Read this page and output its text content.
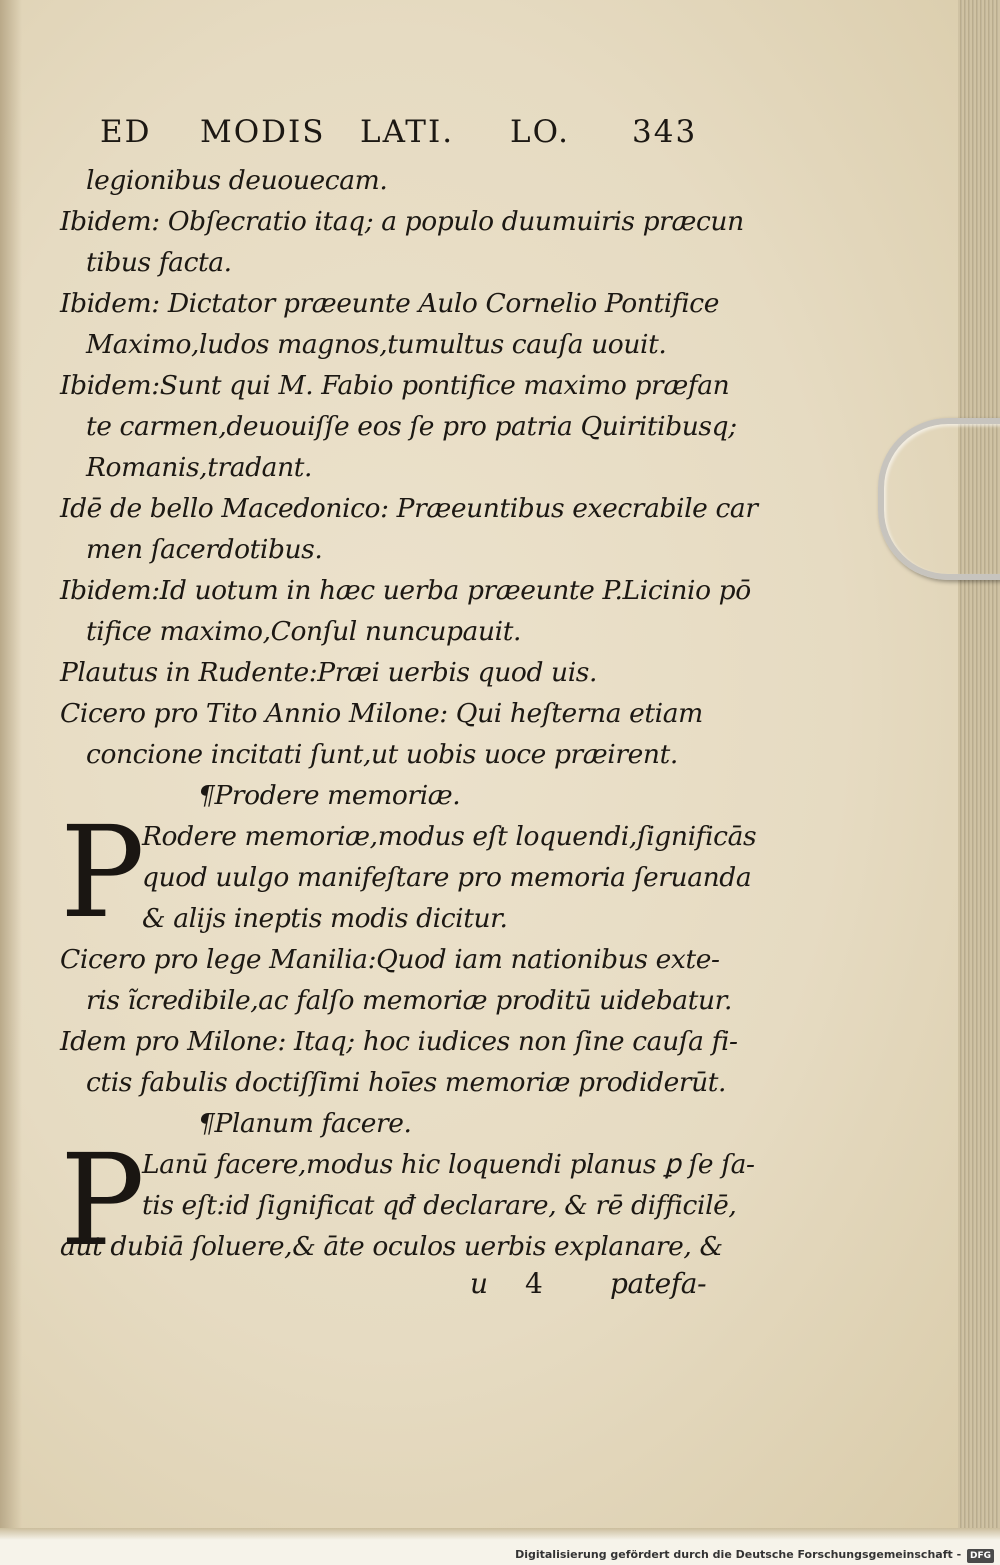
ED MODIS LATI. LO. 343
legionibus deuouecam.
Ibidem: Obſecratio itaq; a populo duumuiris præcun
tibus facta.
Ibidem: Dictator præeunte Aulo Cornelio Pontifice
Maximo,ludos magnos,tumultus cauſa uouit.
Ibidem:Sunt qui M. Fabio pontifice maximo præfan
te carmen,deuouiſſe eos ſe pro patria Quiritibusq;
Romanis,tradant.
Idē de bello Macedonico: Præeuntibus execrabile car
men ſacerdotibus.
Ibidem:Id uotum in hæc uerba præeunte P.Licinio pō
tifice maximo,Conſul nuncupauit.
Plautus in Rudente:Præi uerbis quod uis.
Cicero pro Tito Annio Milone: Qui heſterna etiam
concione incitati ſunt,ut uobis uoce præirent.
¶Prodere memoriæ.
P
Rodere memoriæ,modus eſt loquendi,ſignificās
quod uulgo manifeſtare pro memoria ſeruanda
& alijs ineptis modis dicitur.
Cicero pro lege Manilia:Quod iam nationibus exte-
ris ĩcredibile,ac falſo memoriæ proditū uidebatur.
Idem pro Milone: Itaq; hoc iudices non ſine cauſa fi-
ctis fabulis doctiſſimi hoīes memoriæ prodiderūt.
¶Planum facere.
P
Lanū facere,modus hic loquendi planus ꝑ ſe ſa-
tis eſt:id ſignificat qđ declarare, & rē difficilē,
aut dubiā ſoluere,& āte oculos uerbis explanare, &
u 4 patefa-
Digitalisierung gefördert durch die Deutsche Forschungsgemeinschaft - DFG
